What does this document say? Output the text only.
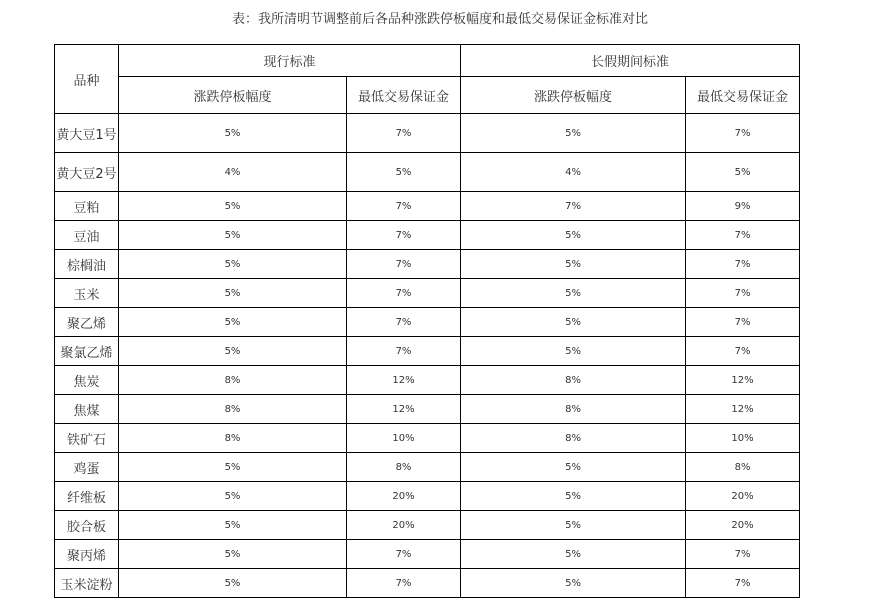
表：我所清明节调整前后各品种涨跌停板幅度和最低交易保证金标准对比
品种	现行标准		长假期间标准	
	涨跌停板幅度	最低交易保证金	涨跌停板幅度	最低交易保证金
黄大豆1号	5%	7%	5%	7%
黄大豆2号	4%	5%	4%	5%
豆粕	5%	7%	7%	9%
豆油	5%	7%	5%	7%
棕榈油	5%	7%	5%	7%
玉米	5%	7%	5%	7%
聚乙烯	5%	7%	5%	7%
聚氯乙烯	5%	7%	5%	7%
焦炭	8%	12%	8%	12%
焦煤	8%	12%	8%	12%
铁矿石	8%	10%	8%	10%
鸡蛋	5%	8%	5%	8%
纤维板	5%	20%	5%	20%
胶合板	5%	20%	5%	20%
聚丙烯	5%	7%	5%	7%
玉米淀粉	5%	7%	5%	7%
